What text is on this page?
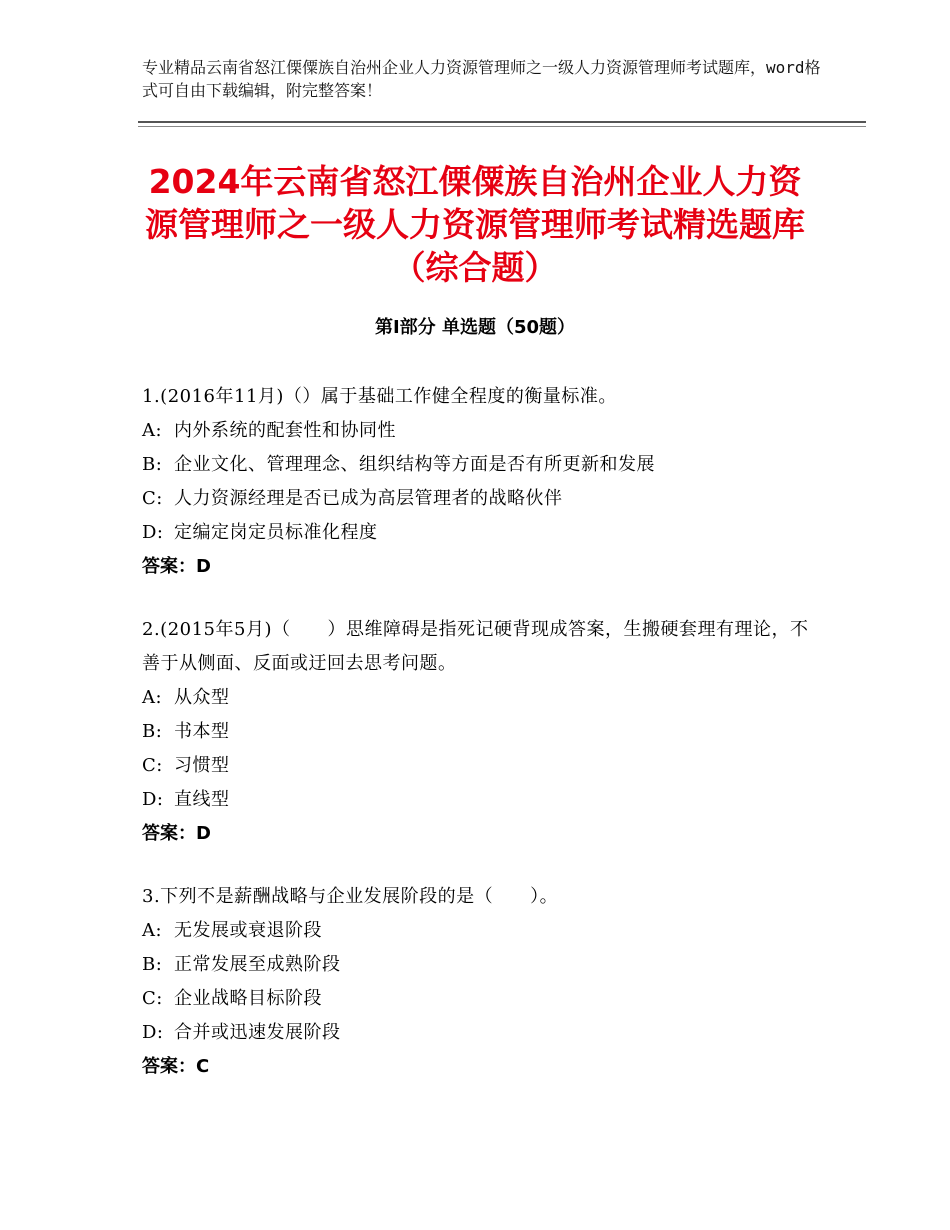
专业精品云南省怒江傈僳族自治州企业人力资源管理师之一级人力资源管理师考试题库，word格式可自由下载编辑，附完整答案！
2024年云南省怒江傈僳族自治州企业人力资源管理师之一级人力资源管理师考试精选题库（综合题）
第Ⅰ部分 单选题（50题）

1.(2016年11月)（）属于基础工作健全程度的衡量标准。

A: 内外系统的配套性和协同性

B: 企业文化、管理理念、组织结构等方面是否有所更新和发展

C: 人力资源经理是否已成为高层管理者的战略伙伴

D: 定编定岗定员标准化程度

答案：D

2.(2015年5月)（　　）思维障碍是指死记硬背现成答案，生搬硬套理有理论，不善于从侧面、反面或迂回去思考问题。

A: 从众型

B: 书本型

C: 习惯型

D: 直线型

答案：D

3.下列不是薪酬战略与企业发展阶段的是（　　）。

A: 无发展或衰退阶段

B: 正常发展至成熟阶段

C: 企业战略目标阶段

D: 合并或迅速发展阶段

答案：C
